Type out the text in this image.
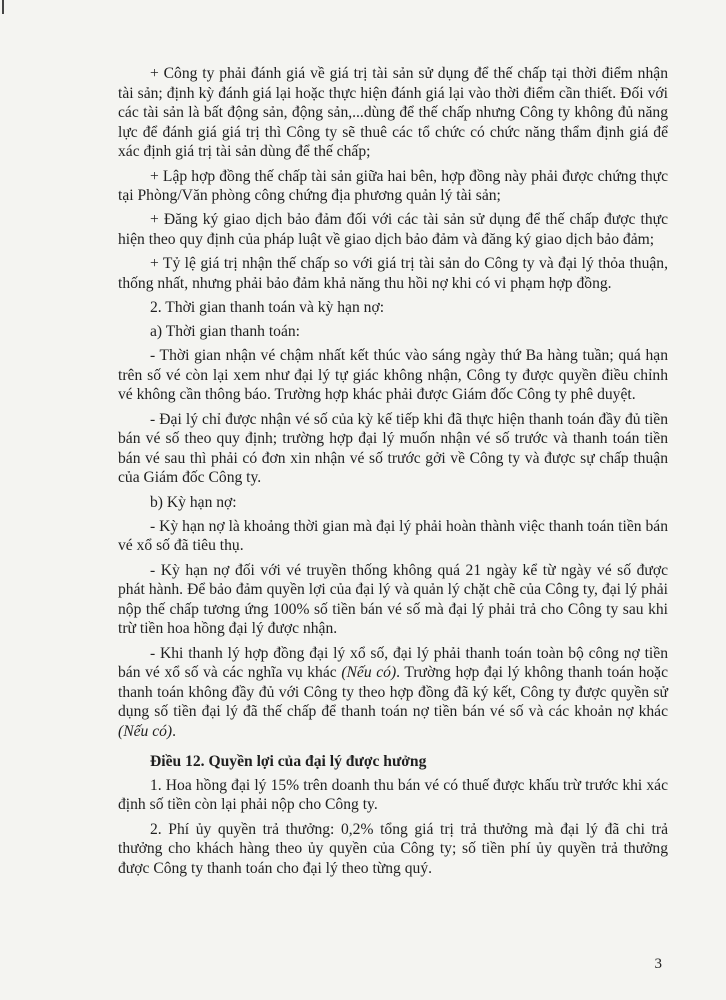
+ Công ty phải đánh giá về giá trị tài sản sử dụng để thế chấp tại thời điểm nhận tài sản; định kỳ đánh giá lại hoặc thực hiện đánh giá lại vào thời điểm cần thiết. Đối với các tài sản là bất động sản, động sản,...dùng để thế chấp nhưng Công ty không đủ năng lực để đánh giá giá trị thì Công ty sẽ thuê các tổ chức có chức năng thẩm định giá để xác định giá trị tài sản dùng để thế chấp;

+ Lập hợp đồng thế chấp tài sản giữa hai bên, hợp đồng này phải được chứng thực tại Phòng/Văn phòng công chứng địa phương quản lý tài sản;

+ Đăng ký giao dịch bảo đảm đối với các tài sản sử dụng để thế chấp được thực hiện theo quy định của pháp luật về giao dịch bảo đảm và đăng ký giao dịch bảo đảm;

+ Tỷ lệ giá trị nhận thế chấp so với giá trị tài sản do Công ty và đại lý thỏa thuận, thống nhất, nhưng phải bảo đảm khả năng thu hồi nợ khi có vi phạm hợp đồng.

2. Thời gian thanh toán và kỳ hạn nợ:

a) Thời gian thanh toán:

- Thời gian nhận vé chậm nhất kết thúc vào sáng ngày thứ Ba hàng tuần; quá hạn trên số vé còn lại xem như đại lý tự giác không nhận, Công ty được quyền điều chỉnh vé không cần thông báo. Trường hợp khác phải được Giám đốc Công ty phê duyệt.

- Đại lý chỉ được nhận vé số của kỳ kế tiếp khi đã thực hiện thanh toán đầy đủ tiền bán vé số theo quy định; trường hợp đại lý muốn nhận vé số trước và thanh toán tiền bán vé sau thì phải có đơn xin nhận vé số trước gởi về Công ty và được sự chấp thuận của Giám đốc Công ty.

b) Kỳ hạn nợ:

- Kỳ hạn nợ là khoảng thời gian mà đại lý phải hoàn thành việc thanh toán tiền bán vé xổ số đã tiêu thụ.

- Kỳ hạn nợ đối với vé truyền thống không quá 21 ngày kể từ ngày vé số được phát hành. Để bảo đảm quyền lợi của đại lý và quản lý chặt chẽ của Công ty, đại lý phải nộp thế chấp tương ứng 100% số tiền bán vé số mà đại lý phải trả cho Công ty sau khi trừ tiền hoa hồng đại lý được nhận.

- Khi thanh lý hợp đồng đại lý xổ số, đại lý phải thanh toán toàn bộ công nợ tiền bán vé xổ số và các nghĩa vụ khác (Nếu có). Trường hợp đại lý không thanh toán hoặc thanh toán không đầy đủ với Công ty theo hợp đồng đã ký kết, Công ty được quyền sử dụng số tiền đại lý đã thế chấp để thanh toán nợ tiền bán vé số và các khoản nợ khác (Nếu có).

Điều 12. Quyền lợi của đại lý được hưởng

1. Hoa hồng đại lý 15% trên doanh thu bán vé có thuế được khấu trừ trước khi xác định số tiền còn lại phải nộp cho Công ty.

2. Phí ủy quyền trả thưởng: 0,2% tổng giá trị trả thưởng mà đại lý đã chi trả thưởng cho khách hàng theo ủy quyền của Công ty; số tiền phí ủy quyền trả thưởng được Công ty thanh toán cho đại lý theo từng quý.

3
